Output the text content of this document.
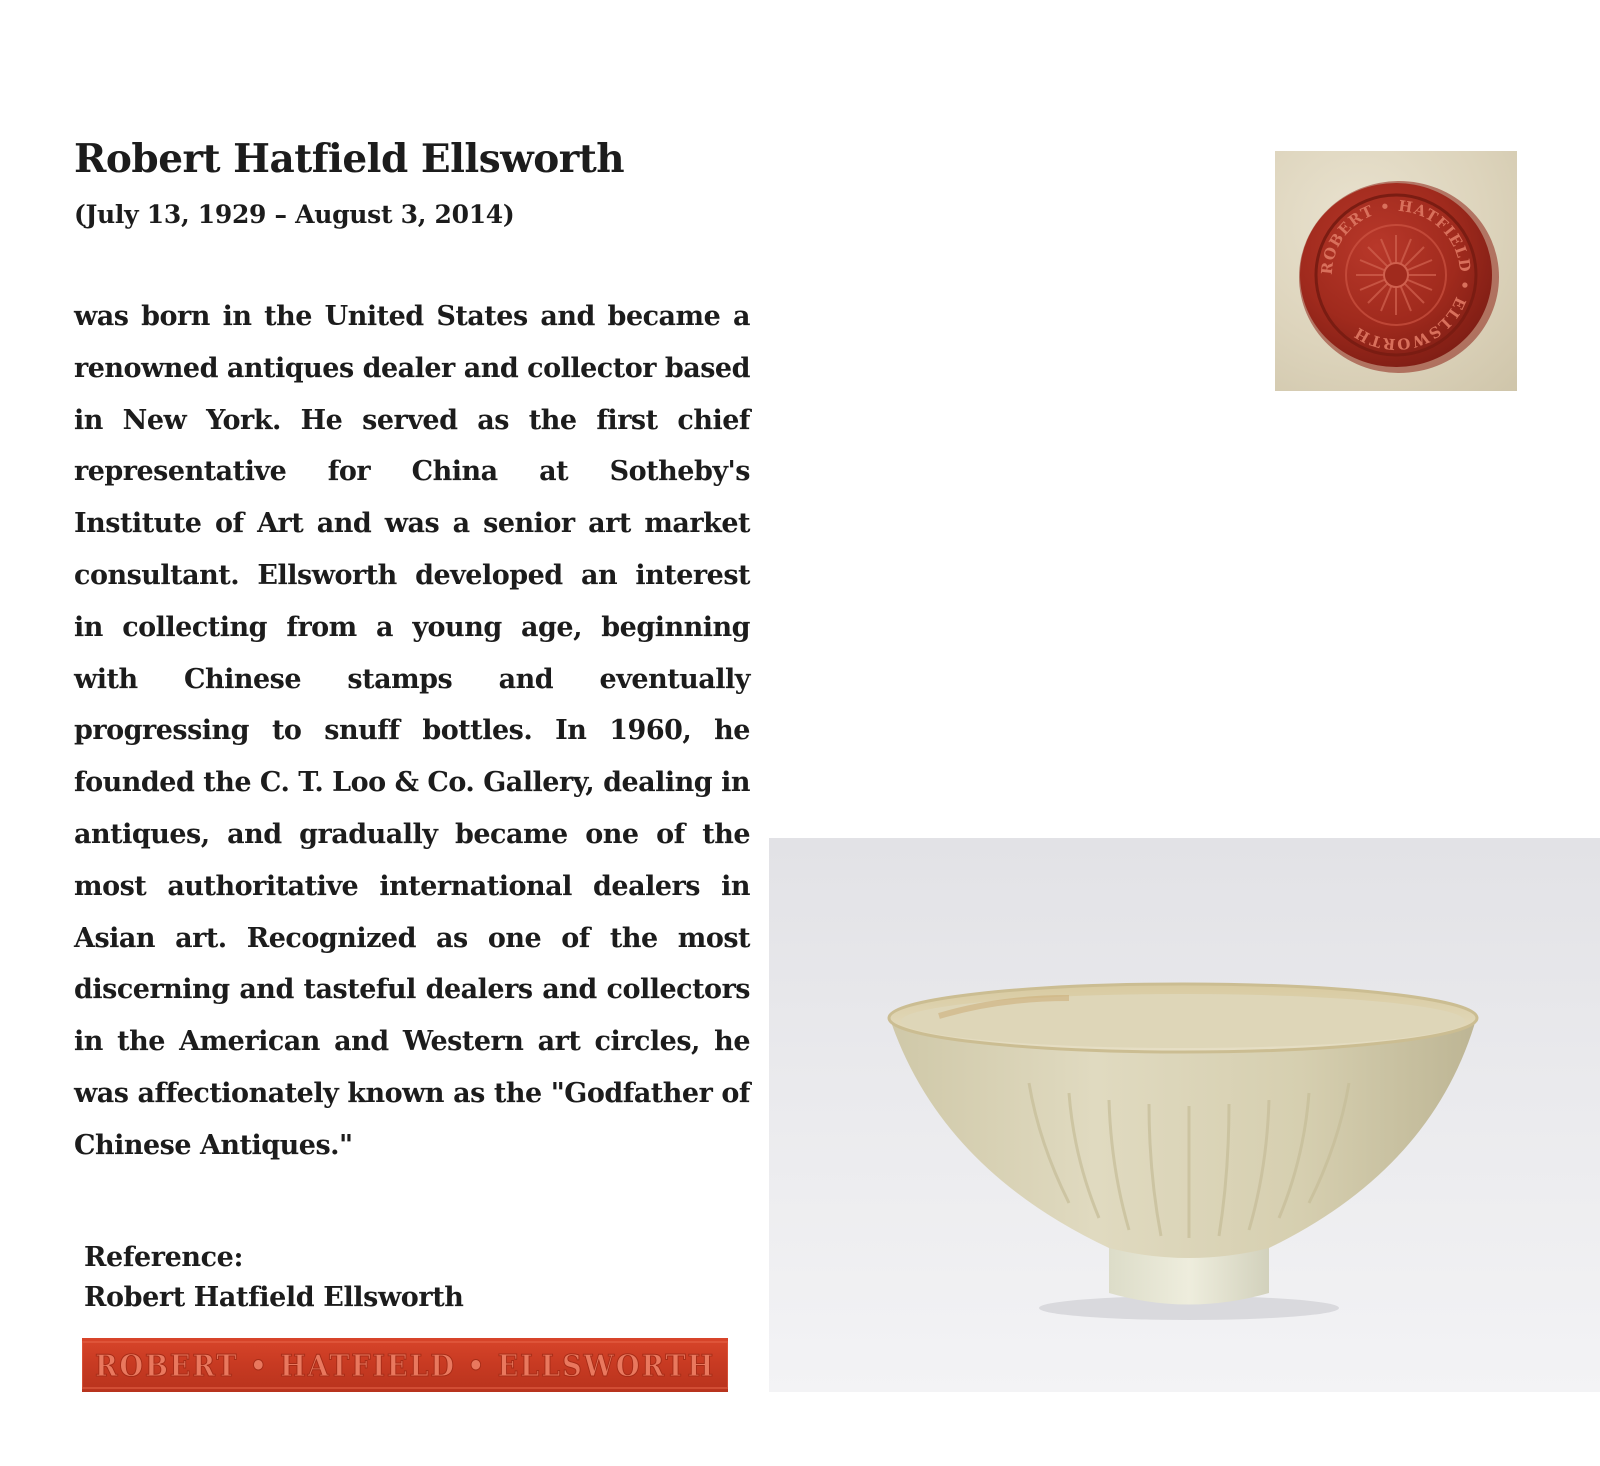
Robert Hatfield Ellsworth

(July 13, 1929 – August 3, 2014)

was born in the United States and became a renowned antiques dealer and collector based in New York. He served as the first chief representative for China at Sotheby's Institute of Art and was a senior art market consultant. Ellsworth developed an interest in collecting from a young age, beginning with Chinese stamps and eventually progressing to snuff bottles. In 1960, he founded the C. T. Loo & Co. Gallery, dealing in antiques, and gradually became one of the most authoritative international dealers in Asian art. Recognized as one of the most discerning and tasteful dealers and collectors in the American and Western art circles, he was affectionately known as the "Godfather of Chinese Antiques."

Reference:
Robert Hatfield Ellsworth
ROBERT • HATFIELD • ELLSWORTH
ROBERT • HATFIELD • ELLSWORTH
